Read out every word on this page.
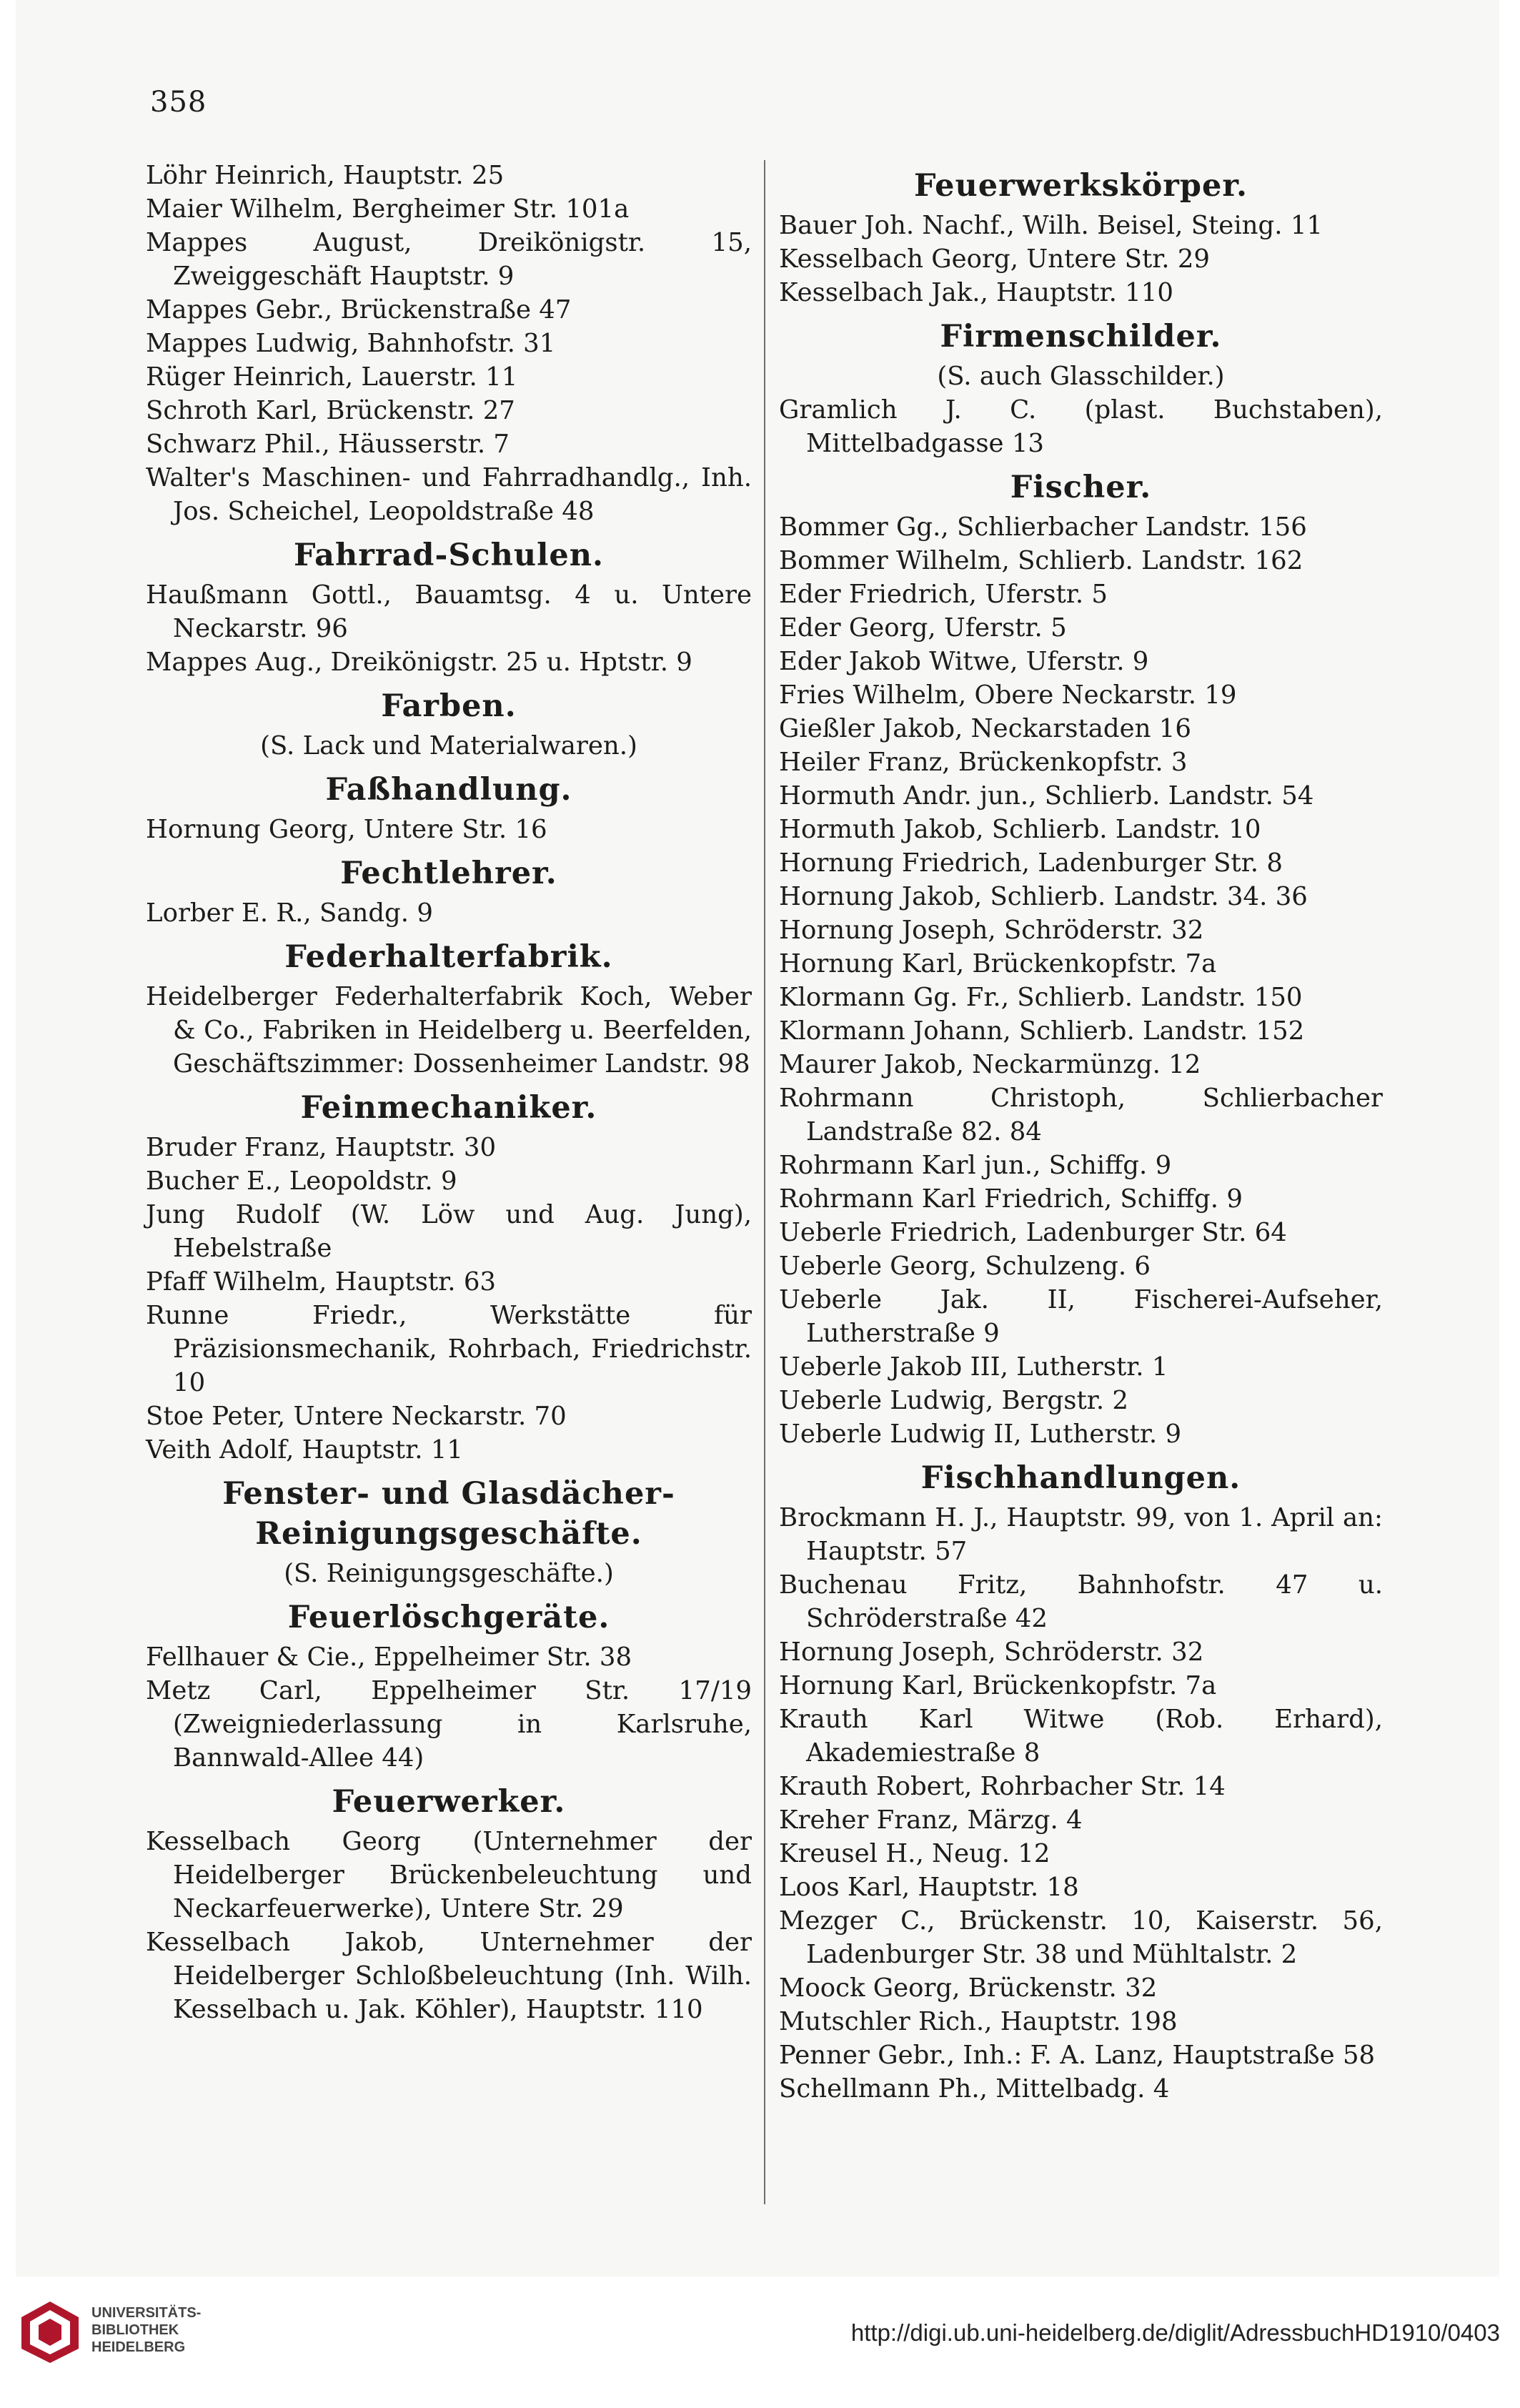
358
Löhr Heinrich, Hauptstr. 25
Maier Wilhelm, Bergheimer Str. 101a
Mappes August, Dreikönigstr. 15, Zweiggeschäft Hauptstr. 9
Mappes Gebr., Brückenstraße 47
Mappes Ludwig, Bahnhofstr. 31
Rüger Heinrich, Lauerstr. 11
Schroth Karl, Brückenstr. 27
Schwarz Phil., Häusserstr. 7
Walter's Maschinen- und Fahrradhandlg., Inh. Jos. Scheichel, Leopoldstraße 48
Fahrrad-Schulen.
Haußmann Gottl., Bauamtsg. 4 u. Untere Neckarstr. 96
Mappes Aug., Dreikönigstr. 25 u. Hptstr. 9
Farben.
(S. Lack und Materialwaren.)
Faßhandlung.
Hornung Georg, Untere Str. 16
Fechtlehrer.
Lorber E. R., Sandg. 9
Federhalterfabrik.
Heidelberger Federhalterfabrik Koch, Weber & Co., Fabriken in Heidelberg u. Beerfelden, Geschäftszimmer: Dossenheimer Landstr. 98
Feinmechaniker.
Bruder Franz, Hauptstr. 30
Bucher E., Leopoldstr. 9
Jung Rudolf (W. Löw und Aug. Jung), Hebelstraße
Pfaff Wilhelm, Hauptstr. 63
Runne Friedr., Werkstätte für Präzisionsmechanik, Rohrbach, Friedrichstr. 10
Stoe Peter, Untere Neckarstr. 70
Veith Adolf, Hauptstr. 11
Fenster- und Glasdächer-Reinigungsgeschäfte.
(S. Reinigungsgeschäfte.)
Feuerlöschgeräte.
Fellhauer & Cie., Eppelheimer Str. 38
Metz Carl, Eppelheimer Str. 17/19 (Zweigniederlassung in Karlsruhe, Bannwald-Allee 44)
Feuerwerker.
Kesselbach Georg (Unternehmer der Heidelberger Brückenbeleuchtung und Neckarfeuerwerke), Untere Str. 29
Kesselbach Jakob, Unternehmer der Heidelberger Schloßbeleuchtung (Inh. Wilh. Kesselbach u. Jak. Köhler), Hauptstr. 110
Feuerwerkskörper.
Bauer Joh. Nachf., Wilh. Beisel, Steing. 11
Kesselbach Georg, Untere Str. 29
Kesselbach Jak., Hauptstr. 110
Firmenschilder.
(S. auch Glasschilder.)
Gramlich J. C. (plast. Buchstaben), Mittelbadgasse 13
Fischer.
Bommer Gg., Schlierbacher Landstr. 156
Bommer Wilhelm, Schlierb. Landstr. 162
Eder Friedrich, Uferstr. 5
Eder Georg, Uferstr. 5
Eder Jakob Witwe, Uferstr. 9
Fries Wilhelm, Obere Neckarstr. 19
Gießler Jakob, Neckarstaden 16
Heiler Franz, Brückenkopfstr. 3
Hormuth Andr. jun., Schlierb. Landstr. 54
Hormuth Jakob, Schlierb. Landstr. 10
Hornung Friedrich, Ladenburger Str. 8
Hornung Jakob, Schlierb. Landstr. 34. 36
Hornung Joseph, Schröderstr. 32
Hornung Karl, Brückenkopfstr. 7a
Klormann Gg. Fr., Schlierb. Landstr. 150
Klormann Johann, Schlierb. Landstr. 152
Maurer Jakob, Neckarmünzg. 12
Rohrmann Christoph, Schlierbacher Landstraße 82. 84
Rohrmann Karl jun., Schiffg. 9
Rohrmann Karl Friedrich, Schiffg. 9
Ueberle Friedrich, Ladenburger Str. 64
Ueberle Georg, Schulzeng. 6
Ueberle Jak. II, Fischerei-Aufseher, Lutherstraße 9
Ueberle Jakob III, Lutherstr. 1
Ueberle Ludwig, Bergstr. 2
Ueberle Ludwig II, Lutherstr. 9
Fischhandlungen.
Brockmann H. J., Hauptstr. 99, von 1. April an: Hauptstr. 57
Buchenau Fritz, Bahnhofstr. 47 u. Schröderstraße 42
Hornung Joseph, Schröderstr. 32
Hornung Karl, Brückenkopfstr. 7a
Krauth Karl Witwe (Rob. Erhard), Akademiestraße 8
Krauth Robert, Rohrbacher Str. 14
Kreher Franz, Märzg. 4
Kreusel H., Neug. 12
Loos Karl, Hauptstr. 18
Mezger C., Brückenstr. 10, Kaiserstr. 56, Ladenburger Str. 38 und Mühltalstr. 2
Moock Georg, Brückenstr. 32
Mutschler Rich., Hauptstr. 198
Penner Gebr., Inh.: F. A. Lanz, Hauptstraße 58
Schellmann Ph., Mittelbadg. 4
UNIVERSITÄTS-
BIBLIOTHEK
HEIDELBERG
http://digi.ub.uni-heidelberg.de/diglit/AdressbuchHD1910/0403
